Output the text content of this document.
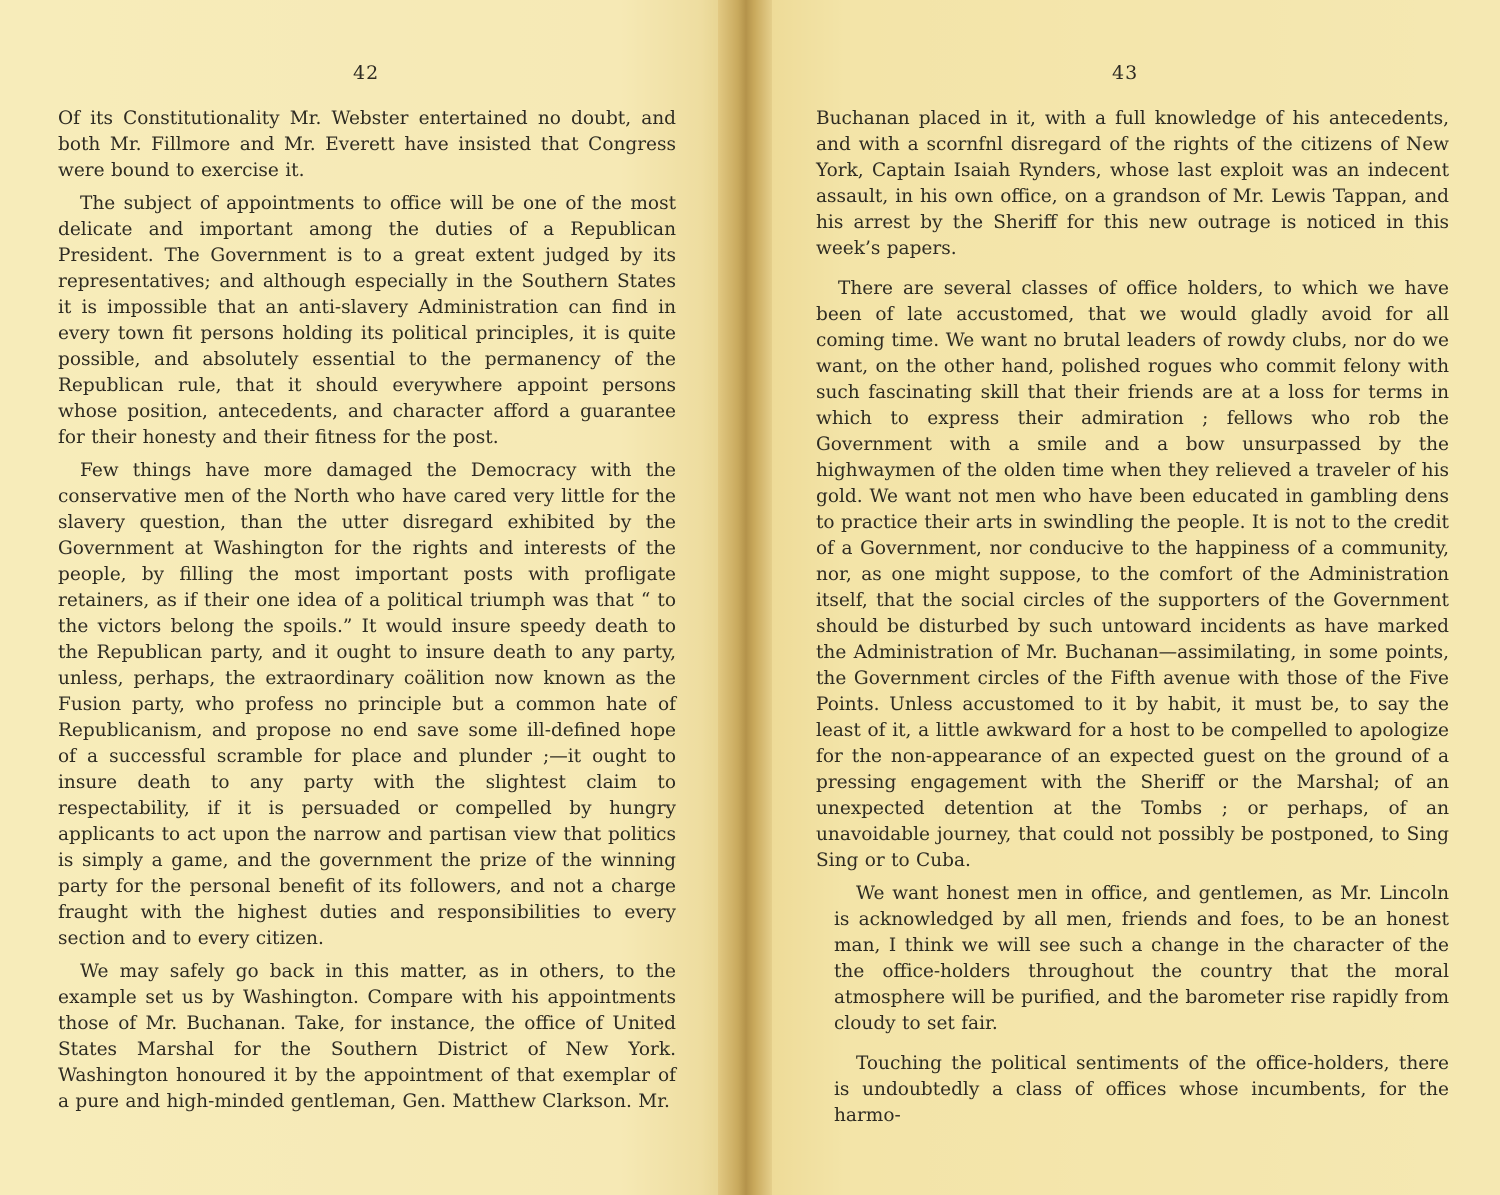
42

Of its Constitutionality Mr. Webster entertained no doubt, and both Mr. Fillmore and Mr. Everett have insisted that Congress were bound to exercise it.

The subject of appointments to office will be one of the most delicate and important among the duties of a Republican President. The Government is to a great extent judged by its representatives; and although especially in the Southern States it is impossible that an anti-slavery Administration can find in every town fit persons holding its political principles, it is quite possible, and absolutely essential to the permanency of the Republican rule, that it should everywhere appoint persons whose position, antecedents, and character afford a guarantee for their honesty and their fitness for the post.

Few things have more damaged the Democracy with the conservative men of the North who have cared very little for the slavery question, than the utter disregard exhibited by the Government at Washington for the rights and interests of the people, by filling the most important posts with profligate retainers, as if their one idea of a political triumph was that “ to the victors belong the spoils.” It would insure speedy death to the Republican party, and it ought to insure death to any party, unless, perhaps, the extraordinary coälition now known as the Fusion party, who profess no principle but a common hate of Republicanism, and propose no end save some ill-defined hope of a successful scramble for place and plunder ;—it ought to insure death to any party with the slightest claim to respectability, if it is persuaded or compelled by hungry applicants to act upon the narrow and partisan view that politics is simply a game, and the government the prize of the winning party for the personal benefit of its followers, and not a charge fraught with the highest duties and responsibilities to every section and to every citizen.

We may safely go back in this matter, as in others, to the example set us by Washington. Compare with his appointments those of Mr. Buchanan. Take, for instance, the office of United States Marshal for the Southern District of New York. Washington honoured it by the appointment of that exemplar of a pure and high-minded gentleman, Gen. Matthew Clarkson. Mr.

43

Buchanan placed in it, with a full knowledge of his antecedents, and with a scornfnl disregard of the rights of the citizens of New York, Captain Isaiah Rynders, whose last exploit was an indecent assault, in his own office, on a grandson of Mr. Lewis Tappan, and his arrest by the Sheriff for this new outrage is noticed in this week’s papers.

There are several classes of office holders, to which we have been of late accustomed, that we would gladly avoid for all coming time. We want no brutal leaders of rowdy clubs, nor do we want, on the other hand, polished rogues who commit felony with such fascinating skill that their friends are at a loss for terms in which to express their admiration ; fellows who rob the Government with a smile and a bow unsurpassed by the highwaymen of the olden time when they relieved a traveler of his gold. We want not men who have been educated in gambling dens to practice their arts in swindling the people. It is not to the credit of a Government, nor conducive to the happiness of a community, nor, as one might suppose, to the comfort of the Administration itself, that the social circles of the supporters of the Government should be disturbed by such untoward incidents as have marked the Administration of Mr. Buchanan—assimilating, in some points, the Government circles of the Fifth avenue with those of the Five Points. Unless accustomed to it by habit, it must be, to say the least of it, a little awkward for a host to be compelled to apologize for the non-appearance of an expected guest on the ground of a pressing engagement with the Sheriff or the Marshal; of an unexpected detention at the Tombs ; or perhaps, of an unavoidable journey, that could not possibly be postponed, to Sing Sing or to Cuba.

We want honest men in office, and gentlemen, as Mr. Lincoln is acknowledged by all men, friends and foes, to be an honest man, I think we will see such a change in the character of the the office-holders throughout the country that the moral atmosphere will be purified, and the barometer rise rapidly from cloudy to set fair.

Touching the political sentiments of the office-holders, there is undoubtedly a class of offices whose incumbents, for the harmo-
